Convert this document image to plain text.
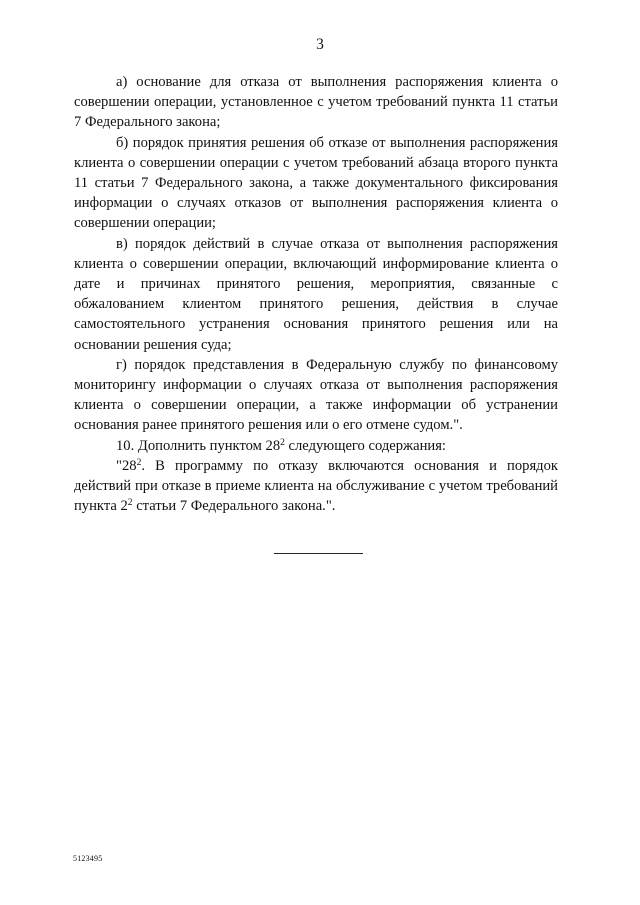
3

а) основание для отказа от выполнения распоряжения клиента о совершении операции, установленное с учетом требований пункта 11 статьи 7 Федерального закона;

б) порядок принятия решения об отказе от выполнения распоряжения клиента о совершении операции с учетом требований абзаца второго пункта 11 статьи 7 Федерального закона, а также документального фиксирования информации о случаях отказов от выполнения распоряжения клиента о совершении операции;

в) порядок действий в случае отказа от выполнения распоряжения клиента о совершении операции, включающий информирование клиента о дате и причинах принятого решения, мероприятия, связанные с обжалованием клиентом принятого решения, действия в случае самостоятельного устранения основания принятого решения или на основании решения суда;

г) порядок представления в Федеральную службу по финансовому мониторингу информации о случаях отказа от выполнения распоряжения клиента о совершении операции, а также информации об устранении основания ранее принятого решения или о его отмене судом.".

10. Дополнить пунктом $28^2$ следующего содержания:

"$28^2$. В программу по отказу включаются основания и порядок действий при отказе в приеме клиента на обслуживание с учетом требований пункта $2^2$ статьи 7 Федерального закона.".

5123495
